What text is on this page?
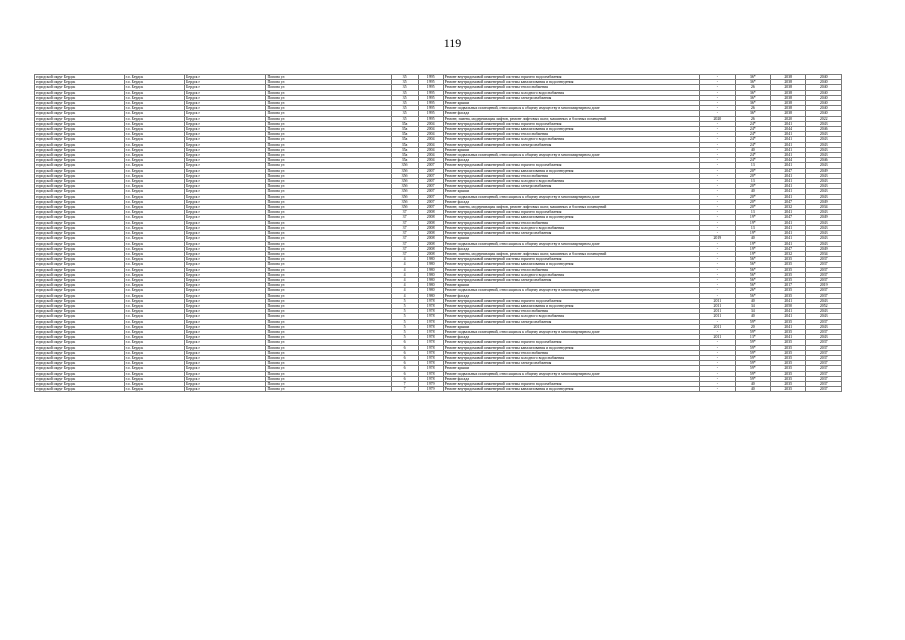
119
городской округ Бердск	г.о. Бердск	Бердск г	Попова ул	35	1995	Ремонт внутридомовой инженерной системы горячего водоснабжения	-	36*	2038	2040
городской округ Бердск	г.о. Бердск	Бердск г	Попова ул	35	1995	Ремонт внутридомовой инженерной системы канализования и водоотведения	-	36*	2038	2040
городской округ Бердск	г.о. Бердск	Бердск г	Попова ул	35	1995	Ремонт внутридомовой инженерной системы теплоснабжения	-	26	2038	2040
городской округ Бердск	г.о. Бердск	Бердск г	Попова ул	35	1995	Ремонт внутридомовой инженерной системы холодного водоснабжения	-	36*	2038	2040
городской округ Бердск	г.о. Бердск	Бердск г	Попова ул	35	1995	Ремонт внутридомовой инженерной системы электроснабжения	-	36*	2038	2040
городской округ Бердск	г.о. Бердск	Бердск г	Попова ул	35	1995	Ремонт крыши	-	36*	2038	2040
городской округ Бердск	г.о. Бердск	Бердск г	Попова ул	35	1995	Ремонт подвальных помещений, относящихся к общему имуществу в многоквартирном доме	-	26	2038	2040
городской округ Бердск	г.о. Бердск	Бердск г	Попова ул	35	1995	Ремонт фасада	-	36*	2038	2040
городской округ Бердск	г.о. Бердск	Бердск г	Попова ул	35	1995	Ремонт, замена, модернизация лифтов, ремонт лифтовых шахт, машинных и блочных помещений	2020	26	2020	2022
городской округ Бердск	г.о. Бердск	Бердск г	Попова ул	35а	2004	Ремонт внутридомовой инженерной системы горячего водоснабжения	-	24*	2041	2043
городской округ Бердск	г.о. Бердск	Бердск г	Попова ул	35а	2004	Ремонт внутридомовой инженерной системы канализования и водоотведения	-	24*	2044	2046
городской округ Бердск	г.о. Бердск	Бердск г	Попова ул	35а	2004	Ремонт внутридомовой инженерной системы теплоснабжения	-	24*	2041	2043
городской округ Бердск	г.о. Бердск	Бердск г	Попова ул	35а	2004	Ремонт внутридомовой инженерной системы холодного водоснабжения	-	24*	2041	2043
городской округ Бердск	г.о. Бердск	Бердск г	Попова ул	35а	2004	Ремонт внутридомовой инженерной системы электроснабжения	-	24*	2041	2043
городской округ Бердск	г.о. Бердск	Бердск г	Попова ул	35а	2004	Ремонт крыши	-	40	2041	2043
городской округ Бердск	г.о. Бердск	Бердск г	Попова ул	35а	2004	Ремонт подвальных помещений, относящихся к общему имуществу в многоквартирном доме	-	24*	2041	2043
городской округ Бердск	г.о. Бердск	Бердск г	Попова ул	35а	2004	Ремонт фасада	-	24*	2044	2046
городской округ Бердск	г.о. Бердск	Бердск г	Попова ул	35б	2007	Ремонт внутридомовой инженерной системы горячего водоснабжения	-	13	2041	2043
городской округ Бердск	г.о. Бердск	Бердск г	Попова ул	35б	2007	Ремонт внутридомовой инженерной системы канализования и водоотведения	-	20*	2047	2049
городской округ Бердск	г.о. Бердск	Бердск г	Попова ул	35б	2007	Ремонт внутридомовой инженерной системы теплоснабжения	-	20*	2041	2043
городской округ Бердск	г.о. Бердск	Бердск г	Попова ул	35б	2007	Ремонт внутридомовой инженерной системы холодного водоснабжения	-	13	2041	2043
городской округ Бердск	г.о. Бердск	Бердск г	Попова ул	35б	2007	Ремонт внутридомовой инженерной системы электроснабжения	-	20*	2041	2043
городской округ Бердск	г.о. Бердск	Бердск г	Попова ул	35б	2007	Ремонт крыши	-	40	2041	2043
городской округ Бердск	г.о. Бердск	Бердск г	Попова ул	35б	2007	Ремонт подвальных помещений, относящихся к общему имуществу в многоквартирном доме	-	20*	2041	2043
городской округ Бердск	г.о. Бердск	Бердск г	Попова ул	35б	2007	Ремонт фасада	-	20*	2047	2049
городской округ Бердск	г.о. Бердск	Бердск г	Попова ул	35б	2007	Ремонт, замена, модернизация лифтов, ремонт лифтовых шахт, машинных и блочных помещений	-	20*	2032	2034
городской округ Бердск	г.о. Бердск	Бердск г	Попова ул	37	2008	Ремонт внутридомовой инженерной системы горячего водоснабжения	-	13	2041	2043
городской округ Бердск	г.о. Бердск	Бердск г	Попова ул	37	2008	Ремонт внутридомовой инженерной системы канализования и водоотведения	-	19*	2047	2049
городской округ Бердск	г.о. Бердск	Бердск г	Попова ул	37	2008	Ремонт внутридомовой инженерной системы теплоснабжения	-	19*	2041	2043
городской округ Бердск	г.о. Бердск	Бердск г	Попова ул	37	2008	Ремонт внутридомовой инженерной системы холодного водоснабжения	-	13	2041	2043
городской округ Бердск	г.о. Бердск	Бердск г	Попова ул	37	2008	Ремонт внутридомовой инженерной системы электроснабжения	-	19*	2041	2043
городской округ Бердск	г.о. Бердск	Бердск г	Попова ул	37	2008	Ремонт крыши	2019	40	2041	2043
городской округ Бердск	г.о. Бердск	Бердск г	Попова ул	37	2008	Ремонт подвальных помещений, относящихся к общему имуществу в многоквартирном доме	-	19*	2041	2043
городской округ Бердск	г.о. Бердск	Бердск г	Попова ул	37	2008	Ремонт фасада	-	19*	2047	2049
городской округ Бердск	г.о. Бердск	Бердск г	Попова ул	37	2008	Ремонт, замена, модернизация лифтов, ремонт лифтовых шахт, машинных и блочных помещений	-	19*	2032	2034
городской округ Бердск	г.о. Бердск	Бердск г	Попова ул	4	1980	Ремонт внутридомовой инженерной системы горячего водоснабжения	-	56*	2035	2037
городской округ Бердск	г.о. Бердск	Бердск г	Попова ул	4	1980	Ремонт внутридомовой инженерной системы канализования и водоотведения	-	56*	2035	2037
городской округ Бердск	г.о. Бердск	Бердск г	Попова ул	4	1980	Ремонт внутридомовой инженерной системы теплоснабжения	-	56*	2035	2037
городской округ Бердск	г.о. Бердск	Бердск г	Попова ул	4	1980	Ремонт внутридомовой инженерной системы холодного водоснабжения	-	56*	2035	2037
городской округ Бердск	г.о. Бердск	Бердск г	Попова ул	4	1980	Ремонт внутридомовой инженерной системы электроснабжения	-	56*	2035	2037
городской округ Бердск	г.о. Бердск	Бердск г	Попова ул	4	1980	Ремонт крыши	-	56*	2017	2019
городской округ Бердск	г.о. Бердск	Бердск г	Попова ул	4	1980	Ремонт подвальных помещений, относящихся к общему имуществу в многоквартирном доме	-	26*	2035	2037
городской округ Бердск	г.о. Бердск	Бердск г	Попова ул	4	1980	Ремонт фасада	-	56*	2035	2037
городской округ Бердск	г.о. Бердск	Бердск г	Попова ул	5	1978	Ремонт внутридомовой инженерной системы горячего водоснабжения	2011	40	2041	2043
городской округ Бердск	г.о. Бердск	Бердск г	Попова ул	5	1978	Ремонт внутридомовой инженерной системы канализования и водоотведения	2011	34	2050	2052
городской округ Бердск	г.о. Бердск	Бердск г	Попова ул	5	1978	Ремонт внутридомовой инженерной системы теплоснабжения	2011	34	2041	2043
городской округ Бердск	г.о. Бердск	Бердск г	Попова ул	5	1978	Ремонт внутридомовой инженерной системы холодного водоснабжения	2011	40	2041	2043
городской округ Бердск	г.о. Бердск	Бердск г	Попова ул	5	1978	Ремонт внутридомовой инженерной системы электроснабжения	-	59*	2035	2037
городской округ Бердск	г.о. Бердск	Бердск г	Попова ул	5	1978	Ремонт крыши	2011	20	2041	2043
городской округ Бердск	г.о. Бердск	Бердск г	Попова ул	5	1978	Ремонт подвальных помещений, относящихся к общему имуществу в многоквартирном доме	-	59*	2035	2037
городской округ Бердск	г.о. Бердск	Бердск г	Попова ул	5	1978	Ремонт фасада	2011	13*	2041	2043
городской округ Бердск	г.о. Бердск	Бердск г	Попова ул	6	1978	Ремонт внутридомовой инженерной системы горячего водоснабжения	-	59*	2035	2037
городской округ Бердск	г.о. Бердск	Бердск г	Попова ул	6	1978	Ремонт внутридомовой инженерной системы канализования и водоотведения	-	59*	2035	2037
городской округ Бердск	г.о. Бердск	Бердск г	Попова ул	6	1978	Ремонт внутридомовой инженерной системы теплоснабжения	-	59*	2035	2037
городской округ Бердск	г.о. Бердск	Бердск г	Попова ул	6	1978	Ремонт внутридомовой инженерной системы холодного водоснабжения	-	59*	2035	2037
городской округ Бердск	г.о. Бердск	Бердск г	Попова ул	6	1978	Ремонт внутридомовой инженерной системы электроснабжения	-	59*	2035	2037
городской округ Бердск	г.о. Бердск	Бердск г	Попова ул	6	1978	Ремонт крыши	-	59*	2035	2037
городской округ Бердск	г.о. Бердск	Бердск г	Попова ул	6	1978	Ремонт подвальных помещений, относящихся к общему имуществу в многоквартирном доме	-	59*	2035	2037
городской округ Бердск	г.о. Бердск	Бердск г	Попова ул	6	1978	Ремонт фасада	-	59*	2035	2037
городской округ Бердск	г.о. Бердск	Бердск г	Попова ул	7	1979	Ремонт внутридомовой инженерной системы горячего водоснабжения	-	40	2035	2037
городской округ Бердск	г.о. Бердск	Бердск г	Попова ул	7	1979	Ремонт внутридомовой инженерной системы канализования и водоотведения	-	40	2035	2037
